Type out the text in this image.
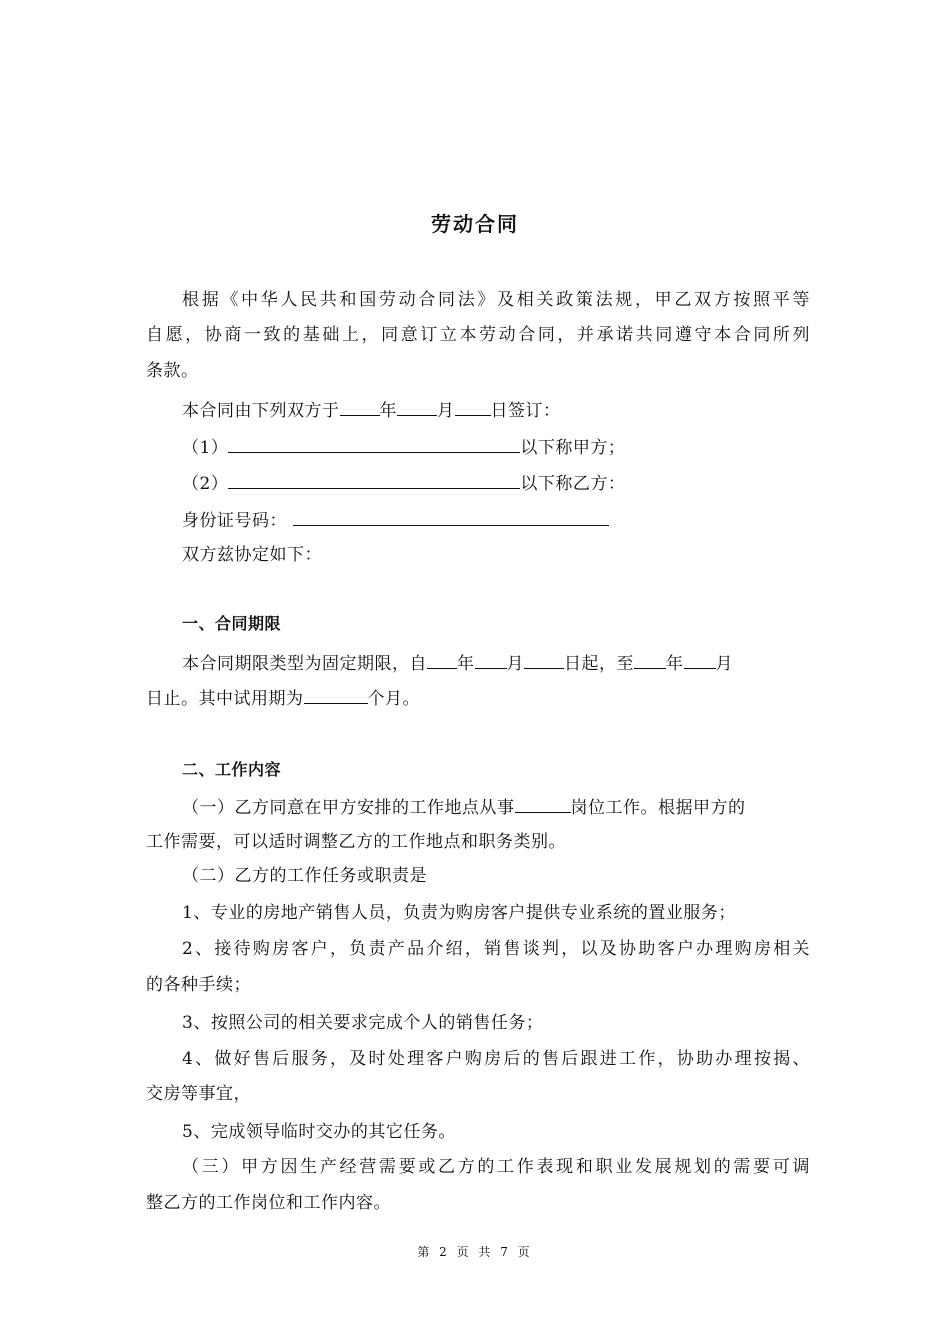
劳动合同
根据《中华人民共和国劳动合同法》及相关政策法规，甲乙双方按照平等
自愿，协商一致的基础上，同意订立本劳动合同，并承诺共同遵守本合同所列
条款。
本合同由下列双方于 年 月 日签订：
（1）	以下称甲方；
（2）	以下称乙方：
身份证号码：
双方兹协定如下：
一、合同期限
本合同期限类型为固定期限，自 年 月 日起，至 年 月
日止。其中试用期为	个月。
二、工作内容
（一）乙方同意在甲方安排的工作地点从事	岗位工作。根据甲方的
工作需要，可以适时调整乙方的工作地点和职务类别。
（二）乙方的工作任务或职责是
1、专业的房地产销售人员，负责为购房客户提供专业系统的置业服务；
2、接待购房客户，负责产品介绍，销售谈判，以及协助客户办理购房相关
的各种手续；
3、按照公司的相关要求完成个人的销售任务；
4、做好售后服务，及时处理客户购房后的售后跟进工作，协助办理按揭、
交房等事宜，
5、完成领导临时交办的其它任务。
（三）甲方因生产经营需要或乙方的工作表现和职业发展规划的需要可调
整乙方的工作岗位和工作内容。
第 2 页 共 7 页
